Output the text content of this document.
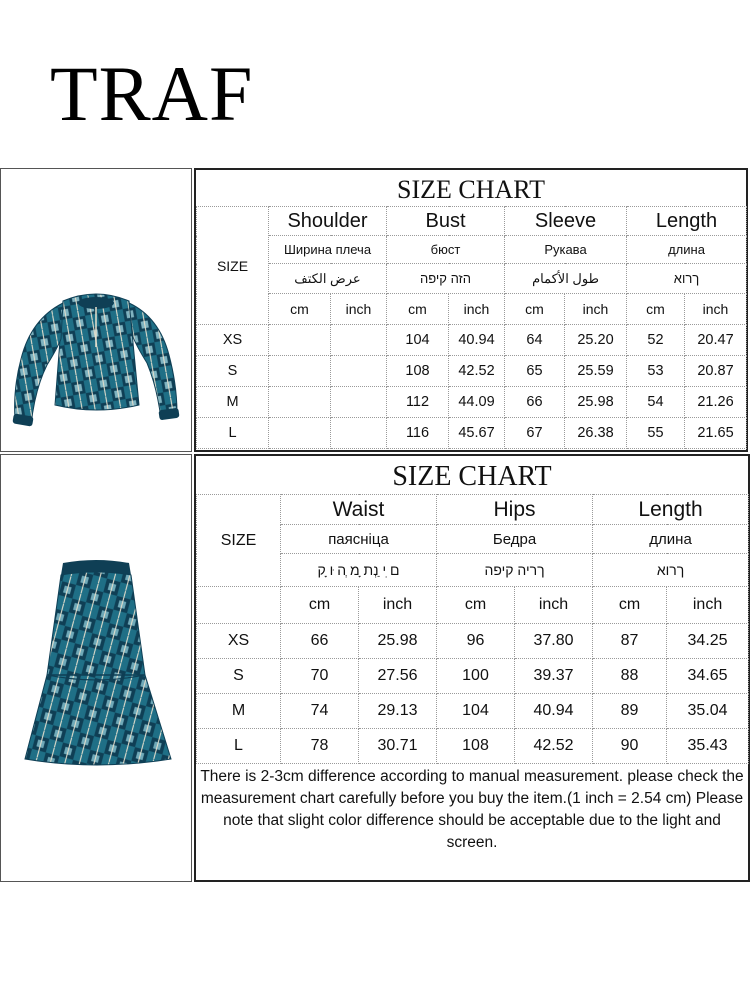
TRAF
SIZE CHART
SIZE	Shoulder		Bust		Sleeve		Length	
	Ширина плеча		бюст		Рукава		длина	
	عرض الكتف		הזה קיפה		طول الأكمام		ךרוא	
	cm	inch	cm	inch	cm	inch	cm	inch
XS			104	40.94	64	25.20	52	20.47
S			108	42.52	65	25.59	53	20.87
M			112	44.09	66	25.98	54	21.26
L			116	45.67	67	26.38	55	21.65
SIZE CHART
SIZE	Waist		Hips		Length	
	паясніца		Бедра		длина	
	ם ִי ַנְת ָמ ְה ּו ָק		ךריה קיפה		ךרוא	
	cm	inch	cm	inch	cm	inch
XS	66	25.98	96	37.80	87	34.25
S	70	27.56	100	39.37	88	34.65
M	74	29.13	104	40.94	89	35.04
L	78	30.71	108	42.52	90	35.43
There is 2-3cm difference according to manual measurement. please check the measurement chart carefully before you buy the item.(1 inch = 2.54 cm) Please note that slight color difference should be acceptable due to the light and screen.
